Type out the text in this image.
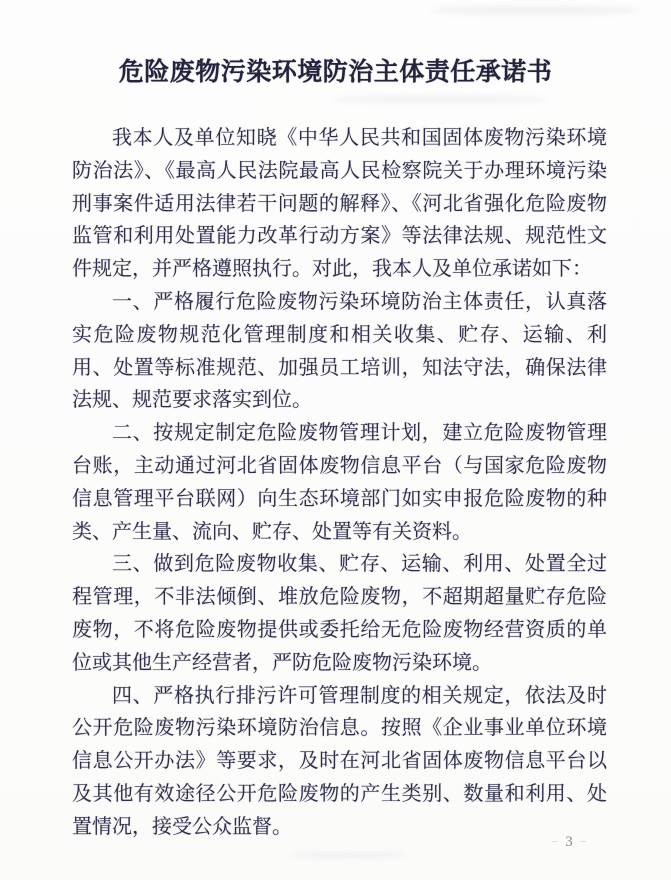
危险废物污染环境防治主体责任承诺书

我本人及单位知晓《中华人民共和国固体废物污染环境防治法》、《最高人民法院最高人民检察院关于办理环境污染刑事案件适用法律若干问题的解释》、《河北省强化危险废物监管和利用处置能力改革行动方案》等法律法规、规范性文件规定，并严格遵照执行。对此，我本人及单位承诺如下：

一、严格履行危险废物污染环境防治主体责任，认真落实危险废物规范化管理制度和相关收集、贮存、运输、利用、处置等标准规范、加强员工培训，知法守法，确保法律法规、规范要求落实到位。

二、按规定制定危险废物管理计划，建立危险废物管理台账，主动通过河北省固体废物信息平台（与国家危险废物信息管理平台联网）向生态环境部门如实申报危险废物的种类、产生量、流向、贮存、处置等有关资料。

三、做到危险废物收集、贮存、运输、利用、处置全过程管理，不非法倾倒、堆放危险废物，不超期超量贮存危险废物，不将危险废物提供或委托给无危险废物经营资质的单位或其他生产经营者，严防危险废物污染环境。

四、严格执行排污许可管理制度的相关规定，依法及时公开危险废物污染环境防治信息。按照《企业事业单位环境信息公开办法》等要求，及时在河北省固体废物信息平台以及其他有效途径公开危险废物的产生类别、数量和利用、处置情况，接受公众监督。

– 3 –
